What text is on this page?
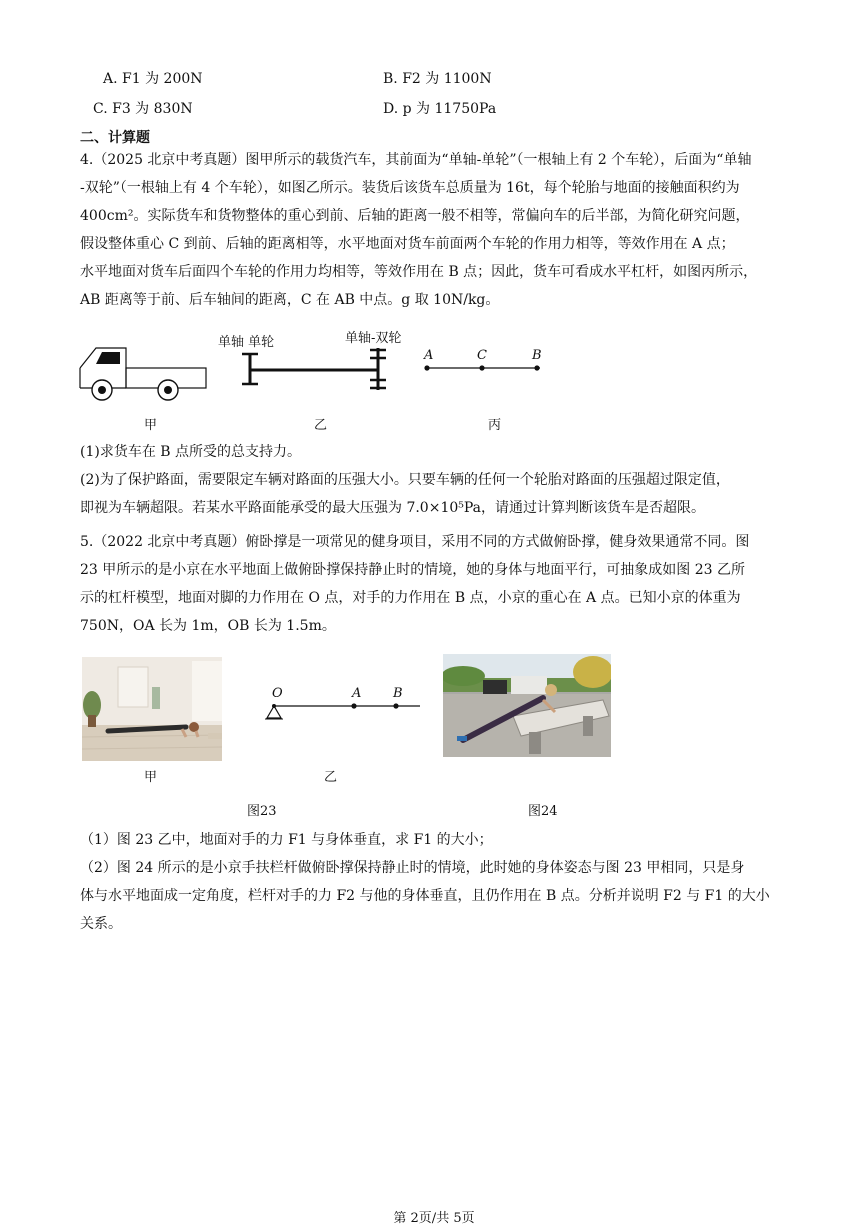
A. F1 为 200N	B. F2 为 1100N
C. F3 为 830N	D. p 为 11750Pa
二、计算题
4.（2025 北京中考真题）图甲所示的载货汽车，其前面为“单轴-单轮”（一根轴上有 2 个车轮），后面为“单轴
-双轮”（一根轴上有 4 个车轮），如图乙所示。装货后该货车总质量为 16t，每个轮胎与地面的接触面积约为
400cm²。实际货车和货物整体的重心到前、后轴的距离一般不相等，常偏向车的后半部，为简化研究问题，
假设整体重心 C 到前、后轴的距离相等，水平地面对货车前面两个车轮的作用力相等，等效作用在 A 点；
水平地面对货车后面四个车轮的作用力均相等，等效作用在 B 点；因此，货车可看成水平杠杆，如图丙所示，
AB 距离等于前、后车轴间的距离，C 在 AB 中点。g 取 10N/kg。
甲
单轴 单轮	单轴-双轮
乙
A	C	B
丙
(1)求货车在 B 点所受的总支持力。
(2)为了保护路面，需要限定车辆对路面的压强大小。只要车辆的任何一个轮胎对路面的压强超过限定值，
即视为车辆超限。若某水平路面能承受的最大压强为 7.0×10⁵Pa，请通过计算判断该货车是否超限。
5.（2022 北京中考真题）俯卧撑是一项常见的健身项目，采用不同的方式做俯卧撑，健身效果通常不同。图
23 甲所示的是小京在水平地面上做俯卧撑保持静止时的情境，她的身体与地面平行，可抽象成如图 23 乙所
示的杠杆模型，地面对脚的力作用在 O 点，对手的力作用在 B 点，小京的重心在 A 点。已知小京的体重为
750N，OA 长为 1m，OB 长为 1.5m。
甲
O	A B
乙
图23	图24
（1）图 23 乙中，地面对手的力 F1 与身体垂直，求 F1 的大小；
（2）图 24 所示的是小京手扶栏杆做俯卧撑保持静止时的情境，此时她的身体姿态与图 23 甲相同，只是身
体与水平地面成一定角度，栏杆对手的力 F2 与他的身体垂直，且仍作用在 B 点。分析并说明 F2 与 F1 的大小
关系。
第 2页/共 5页
